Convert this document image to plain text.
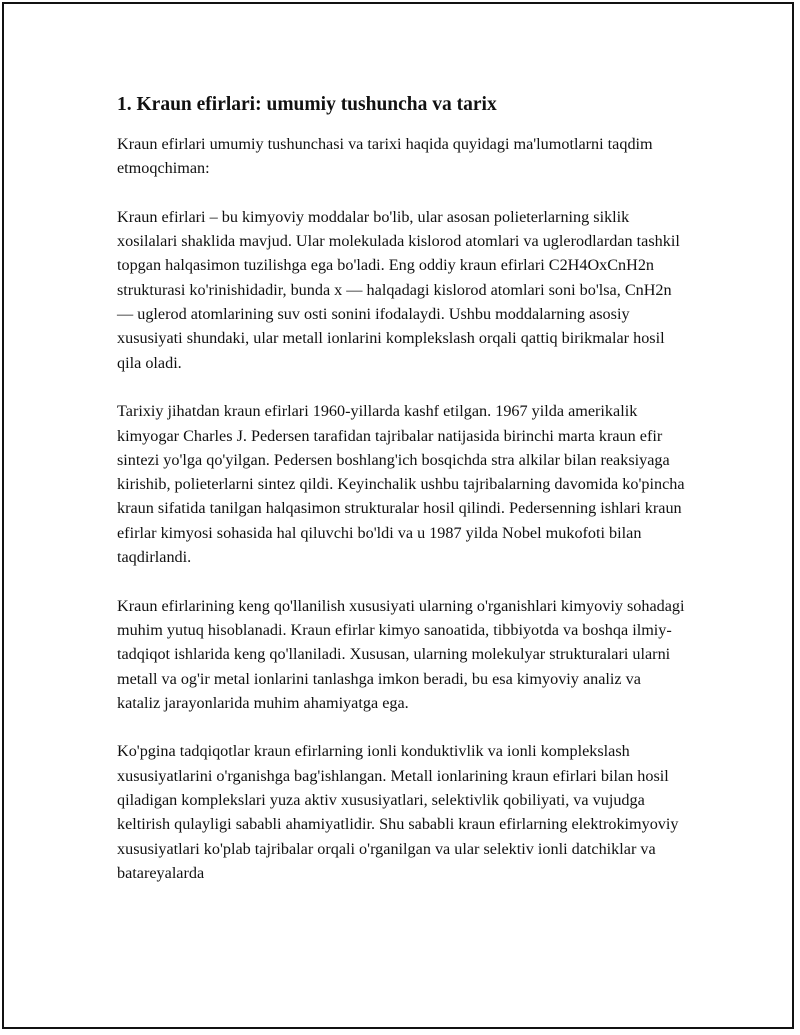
1. Kraun efirlari: umumiy tushuncha va tarix

Kraun efirlari umumiy tushunchasi va tarixi haqida quyidagi ma'lumotlarni taqdim etmoqchiman:

Kraun efirlari – bu kimyoviy moddalar bo'lib, ular asosan polieterlarning siklik xosilalari shaklida mavjud. Ular molekulada kislorod atomlari va uglerodlardan tashkil topgan halqasimon tuzilishga ega bo'ladi. Eng oddiy kraun efirlari C2H4OxCnH2n strukturasi ko'rinishidadir, bunda x — halqadagi kislorod atomlari soni bo'lsa, CnH2n — uglerod atomlarining suv osti sonini ifodalaydi. Ushbu moddalarning asosiy xususiyati shundaki, ular metall ionlarini komplekslash orqali qattiq birikmalar hosil qila oladi.

Tarixiy jihatdan kraun efirlari 1960-yillarda kashf etilgan. 1967 yilda amerikalik kimyogar Charles J. Pedersen tarafidan tajribalar natijasida birinchi marta kraun efir sintezi yo'lga qo'yilgan. Pedersen boshlang'ich bosqichda stra alkilar bilan reaksiyaga kirishib, polieterlarni sintez qildi. Keyinchalik ushbu tajribalarning davomida ko'pincha kraun sifatida tanilgan halqasimon strukturalar hosil qilindi. Pedersenning ishlari kraun efirlar kimyosi sohasida hal qiluvchi bo'ldi va u 1987 yilda Nobel mukofoti bilan taqdirlandi.

Kraun efirlarining keng qo'llanilish xususiyati ularning o'rganishlari kimyoviy sohadagi muhim yutuq hisoblanadi. Kraun efirlar kimyo sanoatida, tibbiyotda va boshqa ilmiy-tadqiqot ishlarida keng qo'llaniladi. Xususan, ularning molekulyar strukturalari ularni metall va og'ir metal ionlarini tanlashga imkon beradi, bu esa kimyoviy analiz va kataliz jarayonlarida muhim ahamiyatga ega.

Ko'pgina tadqiqotlar kraun efirlarning ionli konduktivlik va ionli komplekslash xususiyatlarini o'rganishga bag'ishlangan. Metall ionlarining kraun efirlari bilan hosil qiladigan komplekslari yuza aktiv xususiyatlari, selektivlik qobiliyati, va vujudga keltirish qulayligi sababli ahamiyatlidir. Shu sababli kraun efirlarning elektrokimyoviy xususiyatlari ko'plab tajribalar orqali o'rganilgan va ular selektiv ionli datchiklar va batareyalarda
